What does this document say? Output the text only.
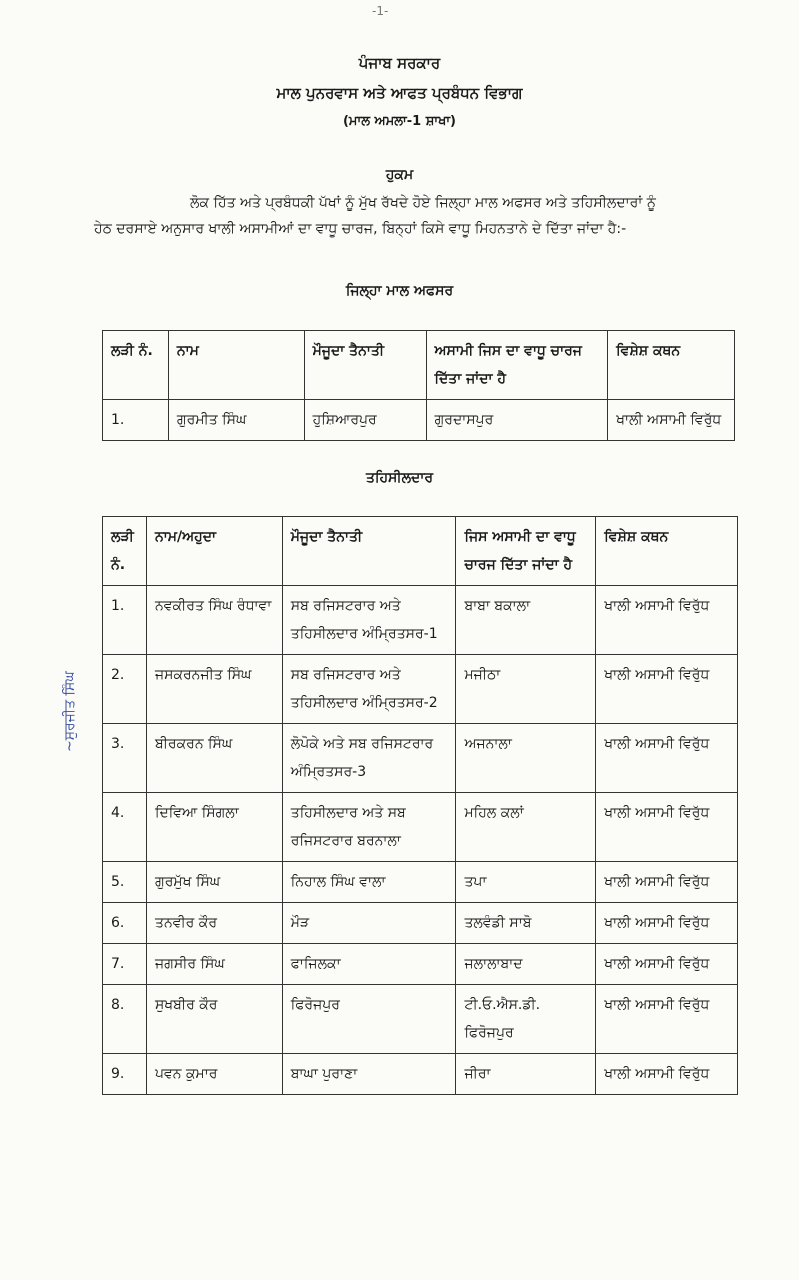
-1-
ਪੰਜਾਬ ਸਰਕਾਰ
ਮਾਲ ਪੁਨਰਵਾਸ ਅਤੇ ਆਫਤ ਪ੍ਰਬੰਧਨ ਵਿਭਾਗ
(ਮਾਲ ਅਮਲਾ-1 ਸ਼ਾਖਾ)
ਹੁਕਮ
ਲੋਕ ਹਿੱਤ ਅਤੇ ਪ੍ਰਬੰਧਕੀ ਪੱਖਾਂ ਨੂੰ ਮੁੱਖ ਰੱਖਦੇ ਹੋਏ ਜਿਲ੍ਹਾ ਮਾਲ ਅਫਸਰ ਅਤੇ ਤਹਿਸੀਲਦਾਰਾਂ ਨੂੰ
ਹੇਠ ਦਰਸਾਏ ਅਨੁਸਾਰ ਖਾਲੀ ਅਸਾਮੀਆਂ ਦਾ ਵਾਧੂ ਚਾਰਜ, ਬਿਨ੍ਹਾਂ ਕਿਸੇ ਵਾਧੂ ਮਿਹਨਤਾਨੇ ਦੇ ਦਿੱਤਾ ਜਾਂਦਾ ਹੈ:-
ਜਿਲ੍ਹਾ ਮਾਲ ਅਫਸਰ
ਲੜੀ ਨੰ.	ਨਾਮ	ਮੌਜੂਦਾ ਤੈਨਾਤੀ	ਅਸਾਮੀ ਜਿਸ ਦਾ ਵਾਧੂ ਚਾਰਜ ਦਿੱਤਾ ਜਾਂਦਾ ਹੈ	ਵਿਸ਼ੇਸ਼ ਕਥਨ
1.	ਗੁਰਮੀਤ ਸਿੰਘ	ਹੁਸ਼ਿਆਰਪੁਰ	ਗੁਰਦਾਸਪੁਰ	ਖਾਲੀ ਅਸਾਮੀ ਵਿਰੁੱਧ
ਤਹਿਸੀਲਦਾਰ
ਲੜੀ ਨੰ.	ਨਾਮ/ਅਹੁਦਾ	ਮੌਜੂਦਾ ਤੈਨਾਤੀ	ਜਿਸ ਅਸਾਮੀ ਦਾ ਵਾਧੂ ਚਾਰਜ ਦਿੱਤਾ ਜਾਂਦਾ ਹੈ	ਵਿਸ਼ੇਸ਼ ਕਥਨ
1.	ਨਵਕੀਰਤ ਸਿੰਘ ਰੰਧਾਵਾ	ਸਬ ਰਜਿਸਟਰਾਰ ਅਤੇ ਤਹਿਸੀਲਦਾਰ ਅੰਮ੍ਰਿਤਸਰ-1	ਬਾਬਾ ਬਕਾਲਾ	ਖਾਲੀ ਅਸਾਮੀ ਵਿਰੁੱਧ
2.	ਜਸਕਰਨਜੀਤ ਸਿੰਘ	ਸਬ ਰਜਿਸਟਰਾਰ ਅਤੇ ਤਹਿਸੀਲਦਾਰ ਅੰਮ੍ਰਿਤਸਰ-2	ਮਜੀਠਾ	ਖਾਲੀ ਅਸਾਮੀ ਵਿਰੁੱਧ
3.	ਬੀਰਕਰਨ ਸਿੰਘ	ਲੋਪੋਕੇ ਅਤੇ ਸਬ ਰਜਿਸਟਰਾਰ ਅੰਮ੍ਰਿਤਸਰ-3	ਅਜਨਾਲਾ	ਖਾਲੀ ਅਸਾਮੀ ਵਿਰੁੱਧ
4.	ਦਿਵਿਆ ਸਿੰਗਲਾ	ਤਹਿਸੀਲਦਾਰ ਅਤੇ ਸਬ ਰਜਿਸਟਰਾਰ ਬਰਨਾਲਾ	ਮਹਿਲ ਕਲਾਂ	ਖਾਲੀ ਅਸਾਮੀ ਵਿਰੁੱਧ
5.	ਗੁਰਮੁੱਖ ਸਿੰਘ	ਨਿਹਾਲ ਸਿੰਘ ਵਾਲਾ	ਤਪਾ	ਖਾਲੀ ਅਸਾਮੀ ਵਿਰੁੱਧ
6.	ਤਨਵੀਰ ਕੌਰ	ਮੌੜ	ਤਲਵੰਡੀ ਸਾਬੋ	ਖਾਲੀ ਅਸਾਮੀ ਵਿਰੁੱਧ
7.	ਜਗਸੀਰ ਸਿੰਘ	ਫਾਜਿਲਕਾ	ਜਲਾਲਾਬਾਦ	ਖਾਲੀ ਅਸਾਮੀ ਵਿਰੁੱਧ
8.	ਸੁਖਬੀਰ ਕੌਰ	ਫਿਰੋਜਪੁਰ	ਟੀ.ਓ.ਐਸ.ਡੀ. ਫਿਰੋਜਪੁਰ	ਖਾਲੀ ਅਸਾਮੀ ਵਿਰੁੱਧ
9.	ਪਵਨ ਕੁਮਾਰ	ਬਾਘਾ ਪੁਰਾਣਾ	ਜੀਰਾ	ਖਾਲੀ ਅਸਾਮੀ ਵਿਰੁੱਧ
~ਸੁਰਜੀਤ ਸਿੰਘ
